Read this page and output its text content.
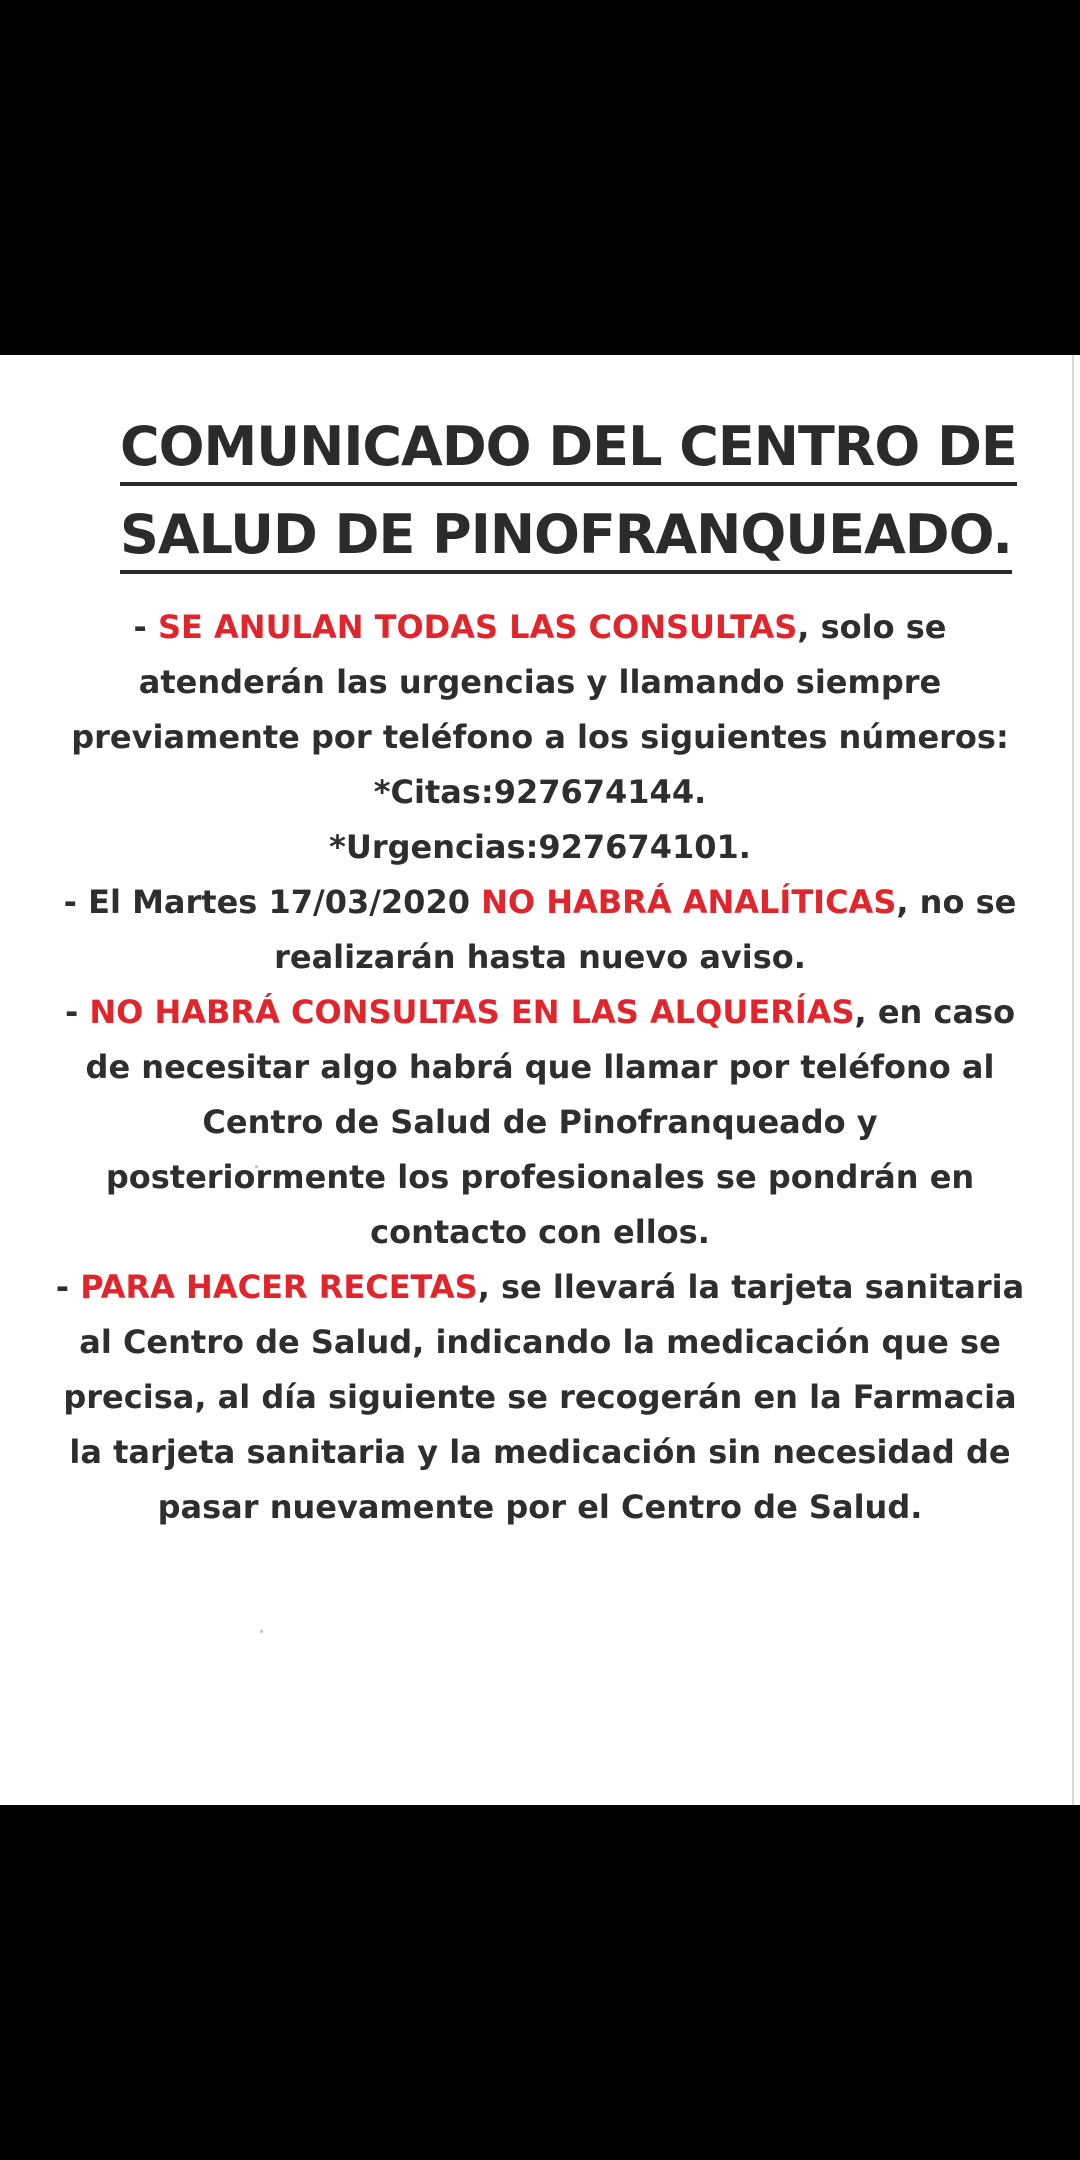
COMUNICADO DEL CENTRO DE
SALUD DE PINOFRANQUEADO.
- SE ANULAN TODAS LAS CONSULTAS, solo se
atenderán las urgencias y llamando siempre
previamente por teléfono a los siguientes números:
*Citas:927674144.
*Urgencias:927674101.
- El Martes 17/03/2020 NO HABRÁ ANALÍTICAS, no se
realizarán hasta nuevo aviso.
- NO HABRÁ CONSULTAS EN LAS ALQUERÍAS, en caso
de necesitar algo habrá que llamar por teléfono al
Centro de Salud de Pinofranqueado y
posteriormente los profesionales se pondrán en
contacto con ellos.
- PARA HACER RECETAS, se llevará la tarjeta sanitaria
al Centro de Salud, indicando la medicación que se
precisa, al día siguiente se recogerán en la Farmacia
la tarjeta sanitaria y la medicación sin necesidad de
pasar nuevamente por el Centro de Salud.
